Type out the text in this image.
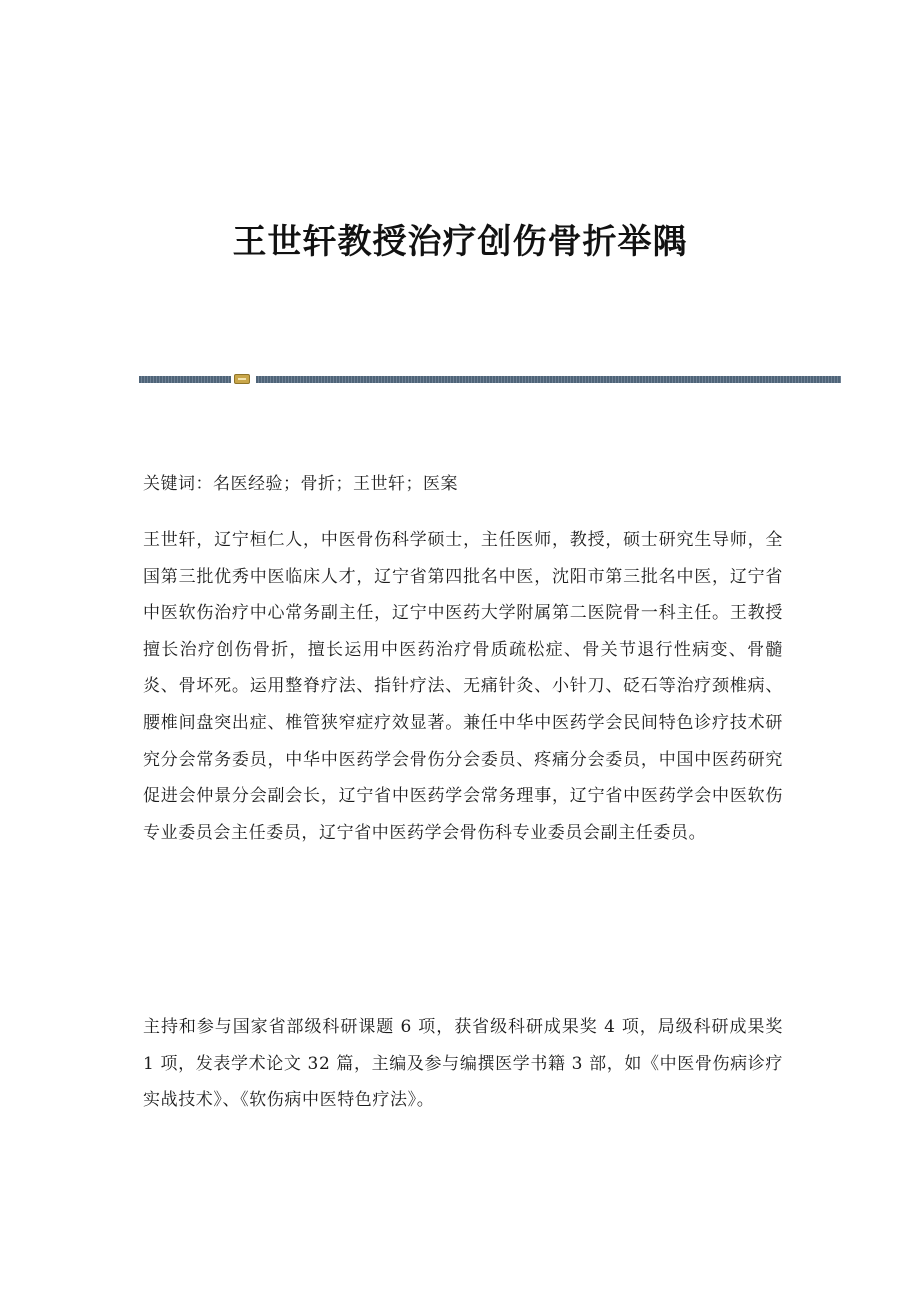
王世轩教授治疗创伤骨折举隅

关键词：名医经验；骨折；王世轩；医案

王世轩，辽宁桓仁人，中医骨伤科学硕士，主任医师，教授，硕士研究生导师，全国第三批优秀中医临床人才，辽宁省第四批名中医，沈阳市第三批名中医，辽宁省中医软伤治疗中心常务副主任，辽宁中医药大学附属第二医院骨一科主任。王教授擅长治疗创伤骨折，擅长运用中医药治疗骨质疏松症、骨关节退行性病变、骨髓炎、骨坏死。运用整脊疗法、指针疗法、无痛针灸、小针刀、砭石等治疗颈椎病、腰椎间盘突出症、椎管狭窄症疗效显著。兼任中华中医药学会民间特色诊疗技术研究分会常务委员，中华中医药学会骨伤分会委员、疼痛分会委员，中国中医药研究促进会仲景分会副会长，辽宁省中医药学会常务理事，辽宁省中医药学会中医软伤专业委员会主任委员，辽宁省中医药学会骨伤科专业委员会副主任委员。

主持和参与国家省部级科研课题 6 项，获省级科研成果奖 4 项，局级科研成果奖 1 项，发表学术论文 32 篇，主编及参与编撰医学书籍 3 部，如《中医骨伤病诊疗实战技术》、《软伤病中医特色疗法》。
